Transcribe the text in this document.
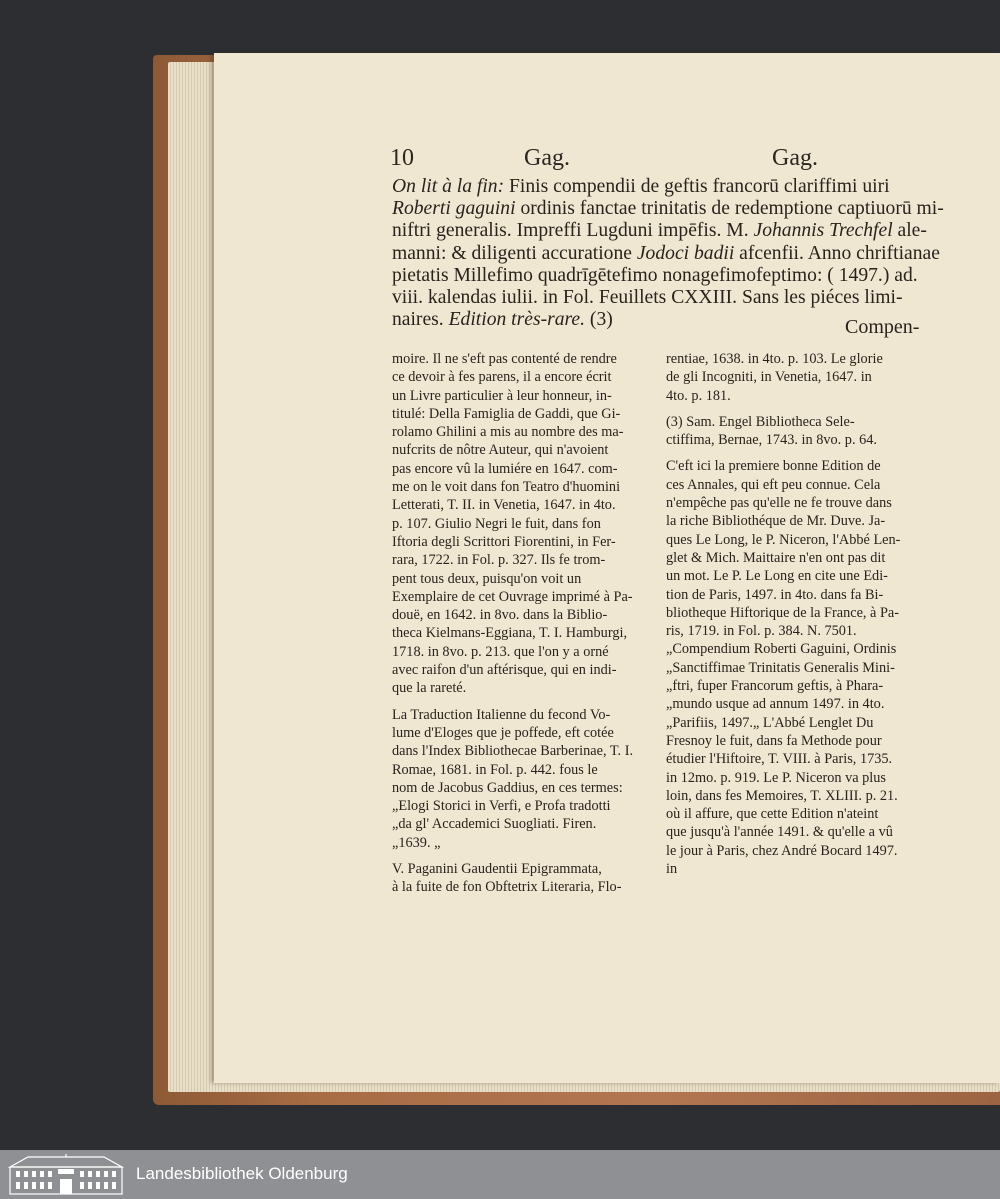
10	Gag.	Gag.
On lit à la fin: Finis compendii de geftis francorū clariffimi uiri
Roberti gaguini ordinis fanctae trinitatis de redemptione captiuorū mi-
niftri generalis. Impreffi Lugduni impēfis. M. Johannis Trechfel ale-
manni: & diligenti accuratione Jodoci badii afcenfii. Anno chriftianae
pietatis Millefimo quadrīgētefimo nonagefimofeptimo: ( 1497.) ad.
viii. kalendas iulii. in Fol. Feuillets CXXIII. Sans les piéces limi-
naires. Edition très-rare. (3)	Compen-
moire. Il ne s'eft pas contenté de rendre
ce devoir à fes parens, il a encore écrit
un Livre particulier à leur honneur, in-
titulé: Della Famiglia de Gaddi, que Gi-
rolamo Ghilini a mis au nombre des ma-
nufcrits de nôtre Auteur, qui n'avoient
pas encore vû la lumiére en 1647. com-
me on le voit dans fon Teatro d'huomini
Letterati, T. II. in Venetia, 1647. in 4to.
p. 107. Giulio Negri le fuit, dans fon
Iftoria degli Scrittori Fiorentini, in Fer-
rara, 1722. in Fol. p. 327. Ils fe trom-
pent tous deux, puisqu'on voit un
Exemplaire de cet Ouvrage imprimé à Pa-
douë, en 1642. in 8vo. dans la Biblio-
theca Kielmans-Eggiana, T. I. Hamburgi,
1718. in 8vo. p. 213. que l'on y a orné
avec raifon d'un aftérisque, qui en indi-
que la rareté.
La Traduction Italienne du fecond Vo-
lume d'Eloges que je poffede, eft cotée
dans l'Index Bibliothecae Barberinae, T. I.
Romae, 1681. in Fol. p. 442. fous le
nom de Jacobus Gaddius, en ces termes:
„Elogi Storici in Verfi, e Profa tradotti
„da gl' Accademici Suogliati. Firen.
„1639. „
V. Paganini Gaudentii Epigrammata,
à la fuite de fon Obftetrix Literaria, Flo-
rentiae, 1638. in 4to. p. 103. Le glorie
de gli Incogniti, in Venetia, 1647. in
4to. p. 181.
(3) Sam. Engel Bibliotheca Sele-
ctiffima, Bernae, 1743. in 8vo. p. 64.
C'eft ici la premiere bonne Edition de
ces Annales, qui eft peu connue. Cela
n'empêche pas qu'elle ne fe trouve dans
la riche Bibliothéque de Mr. Duve. Ja-
ques Le Long, le P. Niceron, l'Abbé Len-
glet & Mich. Maittaire n'en ont pas dit
un mot. Le P. Le Long en cite une Edi-
tion de Paris, 1497. in 4to. dans fa Bi-
bliotheque Hiftorique de la France, à Pa-
ris, 1719. in Fol. p. 384. N. 7501.
„Compendium Roberti Gaguini, Ordinis
„Sanctiffimae Trinitatis Generalis Mini-
„ftri, fuper Francorum geftis, à Phara-
„mundo usque ad annum 1497. in 4to.
„Parifiis, 1497.„ L'Abbé Lenglet Du
Fresnoy le fuit, dans fa Methode pour
étudier l'Hiftoire, T. VIII. à Paris, 1735.
in 12mo. p. 919. Le P. Niceron va plus
loin, dans fes Memoires, T. XLIII. p. 21.
où il affure, que cette Edition n'ateint
que jusqu'à l'année 1491. & qu'elle a vû
le jour à Paris, chez André Bocard 1497.
in
Landesbibliothek Oldenburg
